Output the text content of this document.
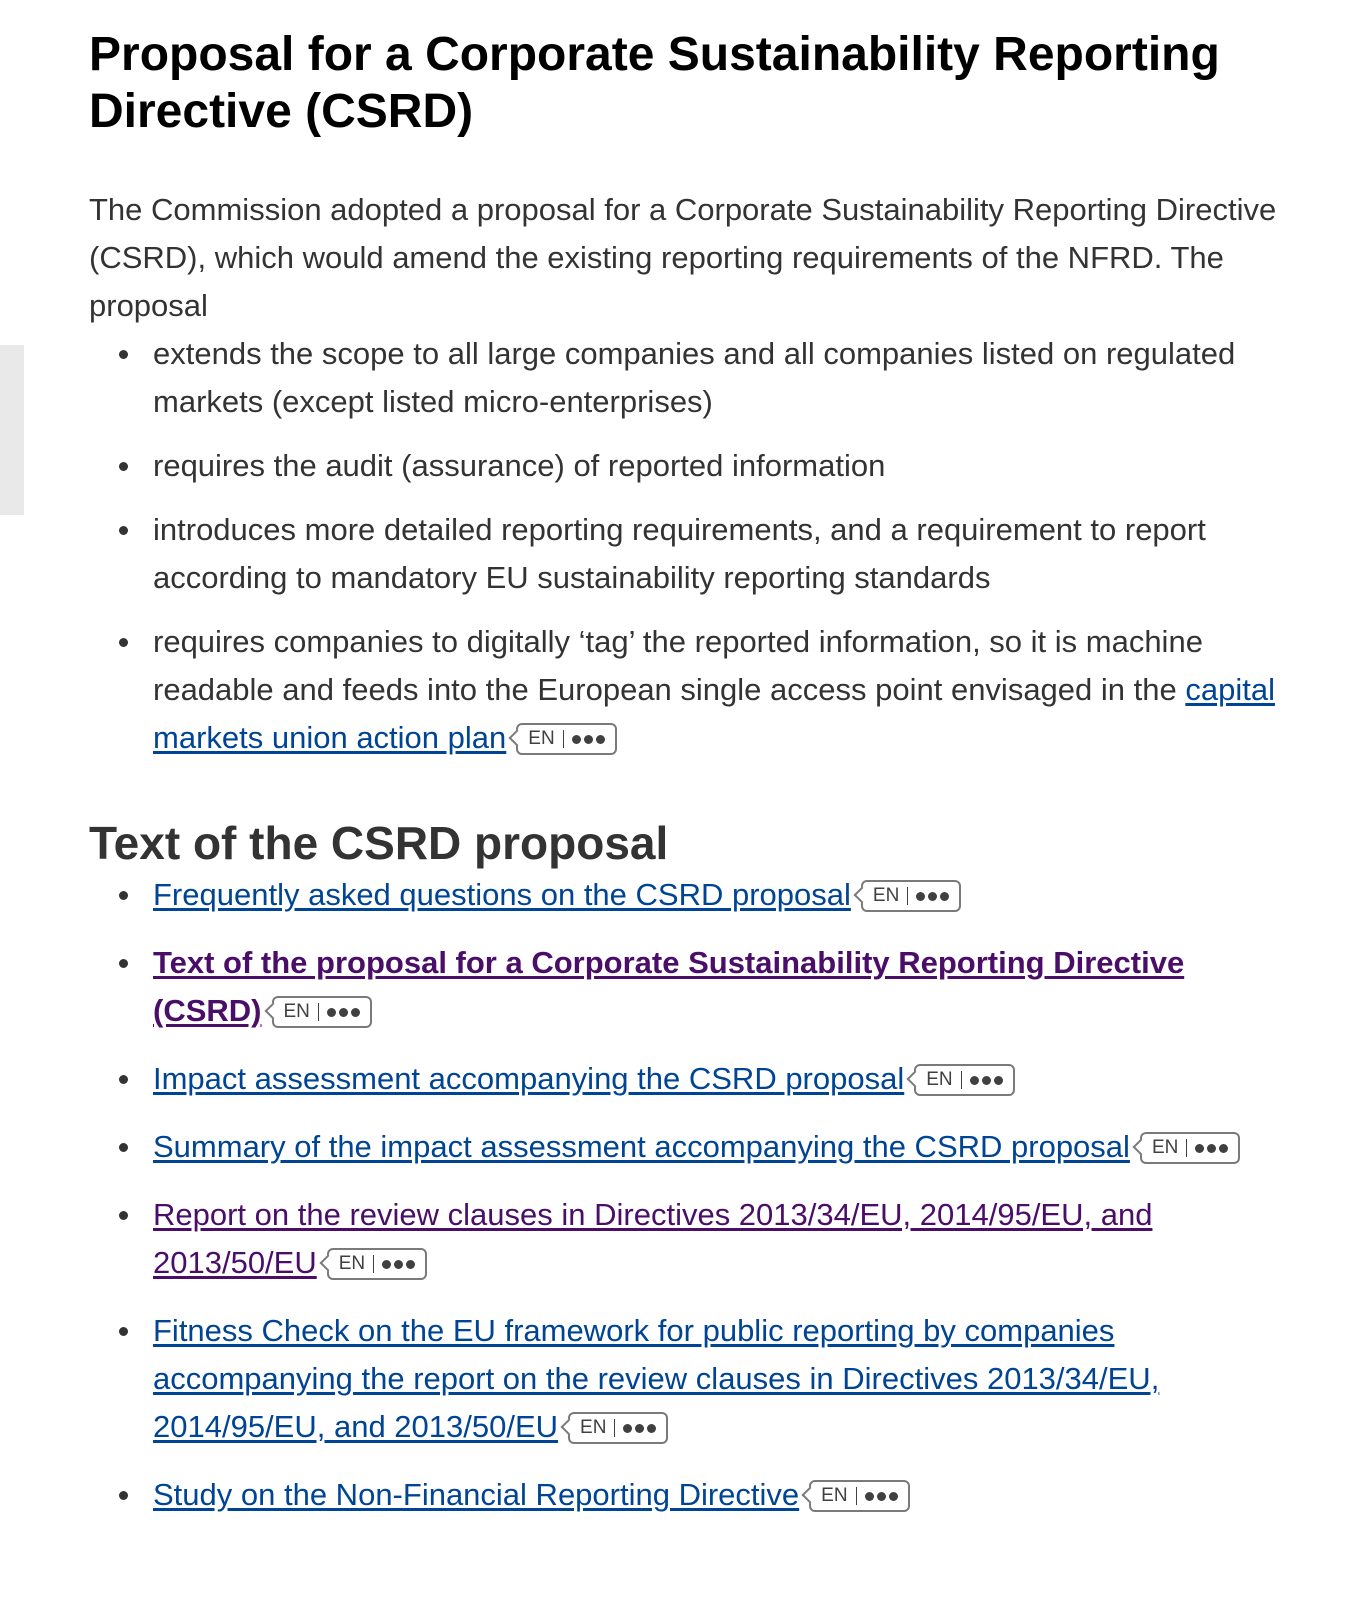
Proposal for a Corporate Sustainability Reporting Directive (CSRD)

The Commission adopted a proposal for a Corporate Sustainability Reporting Directive (CSRD), which would amend the existing reporting requirements of the NFRD. The proposal

extends the scope to all large companies and all companies listed on regulated markets (except listed micro-enterprises)
requires the audit (assurance) of reported information
introduces more detailed reporting requirements, and a requirement to report according to mandatory EU sustainability reporting standards
requires companies to digitally ‘tag’ the reported information, so it is machine readable and feeds into the European single access point envisaged in the capital markets union action plan EN
Text of the CSRD proposal
Frequently asked questions on the CSRD proposal EN
Text of the proposal for a Corporate Sustainability Reporting Directive (CSRD) EN
Impact assessment accompanying the CSRD proposal EN
Summary of the impact assessment accompanying the CSRD proposal EN
Report on the review clauses in Directives 2013/34/EU, 2014/95/EU, and 2013/50/EU EN
Fitness Check on the EU framework for public reporting by companies accompanying the report on the review clauses in Directives 2013/34/EU, 2014/95/EU, and 2013/50/EU EN
Study on the Non-Financial Reporting Directive EN
